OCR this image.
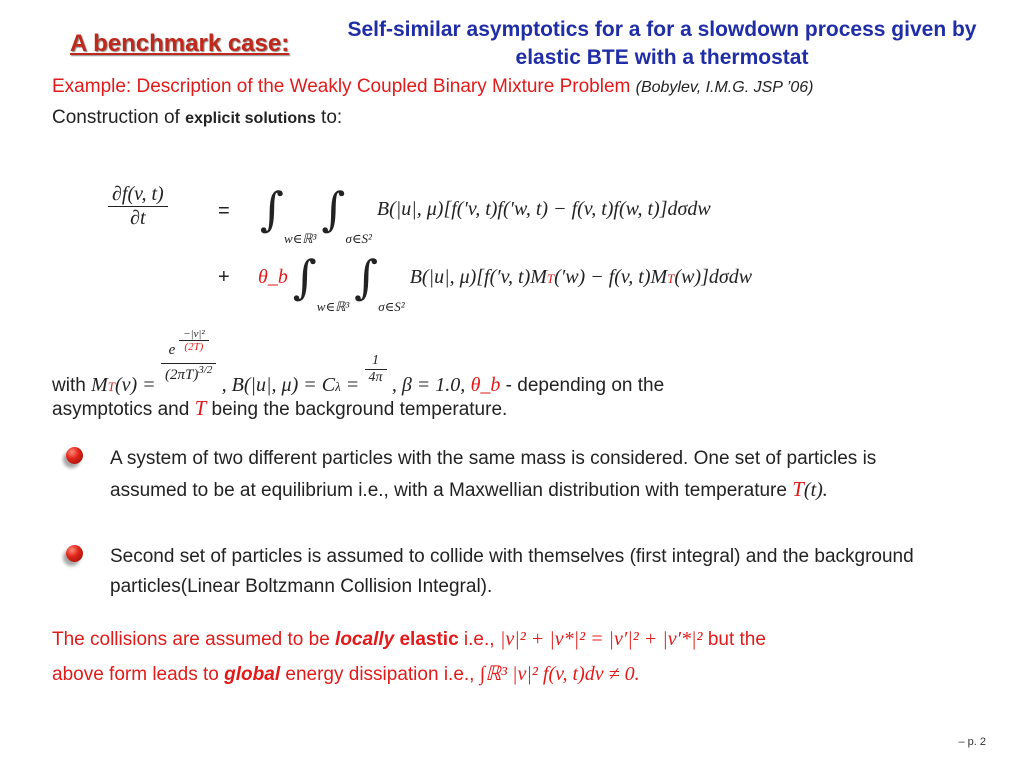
A benchmark case:
Self-similar asymptotics for a for a slowdown process given by elastic BTE with a thermostat
Example: Description of the Weakly Coupled Binary Mixture Problem (Bobylev, I.M.G. JSP ’06)
Construction of explicit solutions to:
$\frac{\partial f(v, t)}{\partial t}$	= $\int_{w\in ℝ^3}$ $\int_{\sigma\in S^2}$ B(|u|, μ)[f(′v, t)f(′w, t) − f(v, t)f(w, t)]dσdw
+ θ_b $\int_{w\in ℝ^3}$ $\int_{\sigma\in S^2}$ B(|u|, μ)[f(′v, t)MT(′w) − f(v, t)MT(w)]dσdw
with MT(v) =
$\frac{e \frac{\text{−|v|²}}{(2T)}}{(2\pi T)^{3/2}}$
, B(|u|, $\mu) = C\lambda = \frac{1}{4\pi}$ , β = 1.0, θ_b - depending on the
asymptotics and T being the background temperature.
A system of two different particles with the same mass is considered. One set of particles is assumed to be at equilibrium i.e., with a Maxwellian distribution with temperature T(t).
Second set of particles is assumed to collide with themselves (first integral) and the background particles(Linear Boltzmann Collision Integral).
The collisions are assumed to be locally elastic i.e., |v|² + |v*|² = |v′|² + |v′*|² but the
above form leads to global energy dissipation i.e., ∫ℝ³ |v|² f(v, t)dv ≠ 0.
– p. 2
